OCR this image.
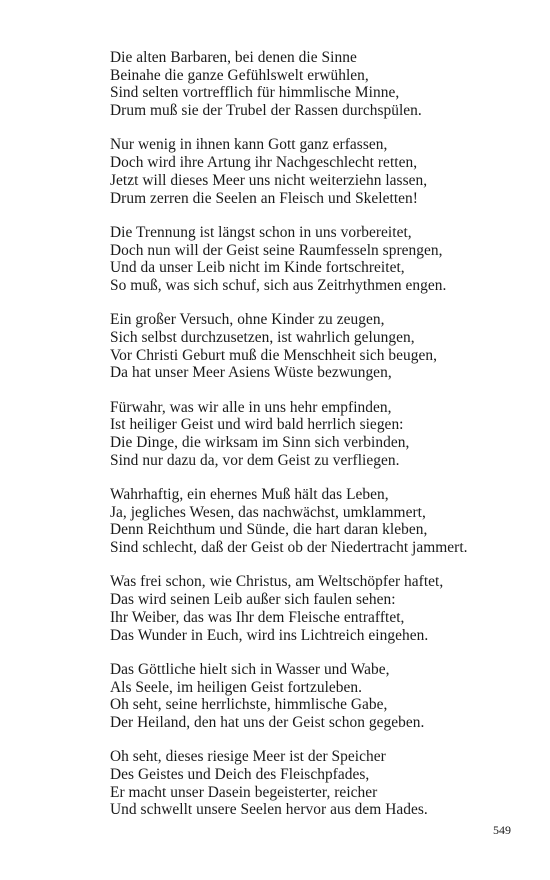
Die alten Barbaren, bei denen die Sinne
Beinahe die ganze Gefühlswelt erwühlen,
Sind selten vortrefflich für himmlische Minne,
Drum muß sie der Trubel der Rassen durchspülen.
Nur wenig in ihnen kann Gott ganz erfassen,
Doch wird ihre Artung ihr Nachgeschlecht retten,
Jetzt will dieses Meer uns nicht weiterziehn lassen,
Drum zerren die Seelen an Fleisch und Skeletten!
Die Trennung ist längst schon in uns vorbereitet,
Doch nun will der Geist seine Raumfesseln sprengen,
Und da unser Leib nicht im Kinde fortschreitet,
So muß, was sich schuf, sich aus Zeitrhythmen engen.
Ein großer Versuch, ohne Kinder zu zeugen,
Sich selbst durchzusetzen, ist wahrlich gelungen,
Vor Christi Geburt muß die Menschheit sich beugen,
Da hat unser Meer Asiens Wüste bezwungen,
Fürwahr, was wir alle in uns hehr empfinden,
Ist heiliger Geist und wird bald herrlich siegen:
Die Dinge, die wirksam im Sinn sich verbinden,
Sind nur dazu da, vor dem Geist zu verfliegen.
Wahrhaftig, ein ehernes Muß hält das Leben,
Ja, jegliches Wesen, das nachwächst, umklammert,
Denn Reichthum und Sünde, die hart daran kleben,
Sind schlecht, daß der Geist ob der Niedertracht jammert.
Was frei schon, wie Christus, am Weltschöpfer haftet,
Das wird seinen Leib außer sich faulen sehen:
Ihr Weiber, das was Ihr dem Fleische entrafftet,
Das Wunder in Euch, wird ins Lichtreich eingehen.
Das Göttliche hielt sich in Wasser und Wabe,
Als Seele, im heiligen Geist fortzuleben.
Oh seht, seine herrlichste, himmlische Gabe,
Der Heiland, den hat uns der Geist schon gegeben.
Oh seht, dieses riesige Meer ist der Speicher
Des Geistes und Deich des Fleischpfades,
Er macht unser Dasein begeisterter, reicher
Und schwellt unsere Seelen hervor aus dem Hades.
549
